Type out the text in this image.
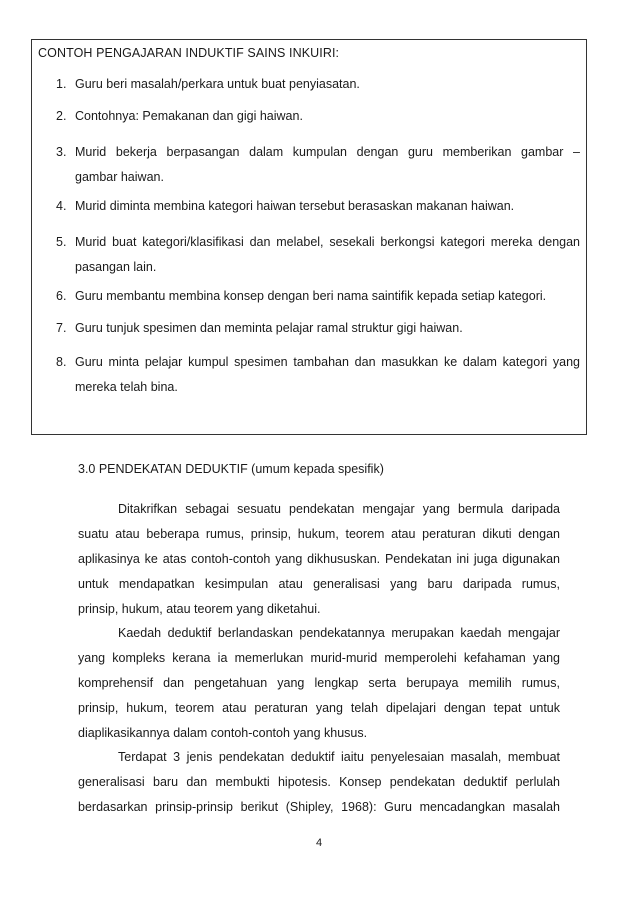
CONTOH PENGAJARAN INDUKTIF SAINS INKUIRI:
1. Guru beri masalah/perkara untuk buat penyiasatan.
2. Contohnya: Pemakanan dan gigi haiwan.
3. Murid bekerja berpasangan dalam kumpulan dengan guru memberikan gambar –
gambar haiwan.
4. Murid diminta membina kategori haiwan tersebut berasaskan makanan haiwan.
5. Murid buat kategori/klasifikasi dan melabel, sesekali berkongsi kategori mereka dengan
pasangan lain.
6. Guru membantu membina konsep dengan beri nama saintifik kepada setiap kategori.
7. Guru tunjuk spesimen dan meminta pelajar ramal struktur gigi haiwan.
8. Guru minta pelajar kumpul spesimen tambahan dan masukkan ke dalam kategori yang
mereka telah bina.
3.0 PENDEKATAN DEDUKTIF (umum kepada spesifik)
Ditakrifkan sebagai sesuatu pendekatan mengajar yang bermula daripada
suatu atau beberapa rumus, prinsip, hukum, teorem atau peraturan dikuti dengan
aplikasinya ke atas contoh-contoh yang dikhususkan. Pendekatan ini juga digunakan
untuk mendapatkan kesimpulan atau generalisasi yang baru daripada rumus,
prinsip, hukum, atau teorem yang diketahui.
Kaedah deduktif berlandaskan pendekatannya merupakan kaedah mengajar
yang kompleks kerana ia memerlukan murid-murid memperolehi kefahaman yang
komprehensif dan pengetahuan yang lengkap serta berupaya memilih rumus,
prinsip, hukum, teorem atau peraturan yang telah dipelajari dengan tepat untuk
diaplikasikannya dalam contoh-contoh yang khusus.
Terdapat 3 jenis pendekatan deduktif iaitu penyelesaian masalah, membuat
generalisasi baru dan membukti hipotesis. Konsep pendekatan deduktif perlulah
berdasarkan prinsip-prinsip berikut (Shipley, 1968): Guru mencadangkan masalah
4
